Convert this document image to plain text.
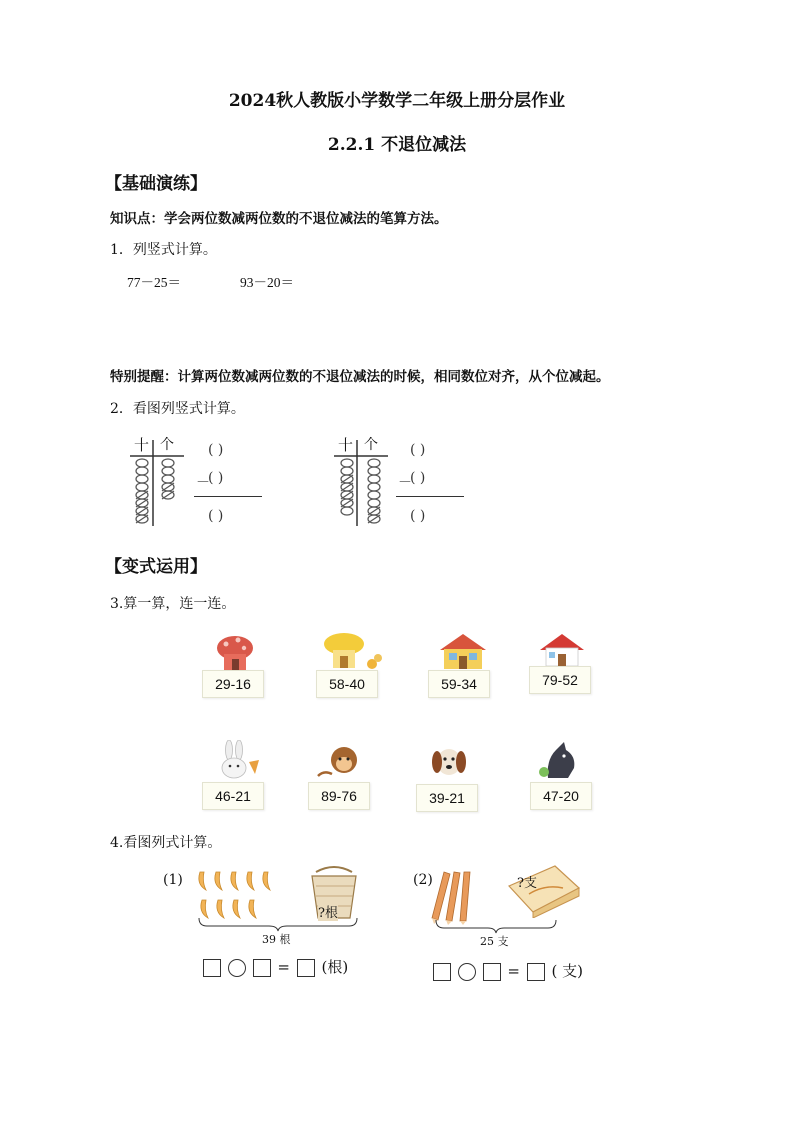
2024秋人教版小学数学二年级上册分层作业
2.2.1 不退位减法
【基础演练】
知识点：学会两位数减两位数的不退位减法的笔算方法。
1．列竖式计算。
77－25＝	93－20＝
特别提醒：计算两位数减两位数的不退位减法的时候，相同数位对齐，从个位减起。
2．看图列竖式计算。
十 个 ( )
－
( )
( )
十 个 ( )
－
( )
( )
【变式运用】
3.算一算，连一连。
29-16	58-40	59-34	79-52
46-21	89-76	39-21	47-20
4.看图列式计算。
(1)
?根
39 根
= (根)
(2)	?支
25 支
= ( 支)
